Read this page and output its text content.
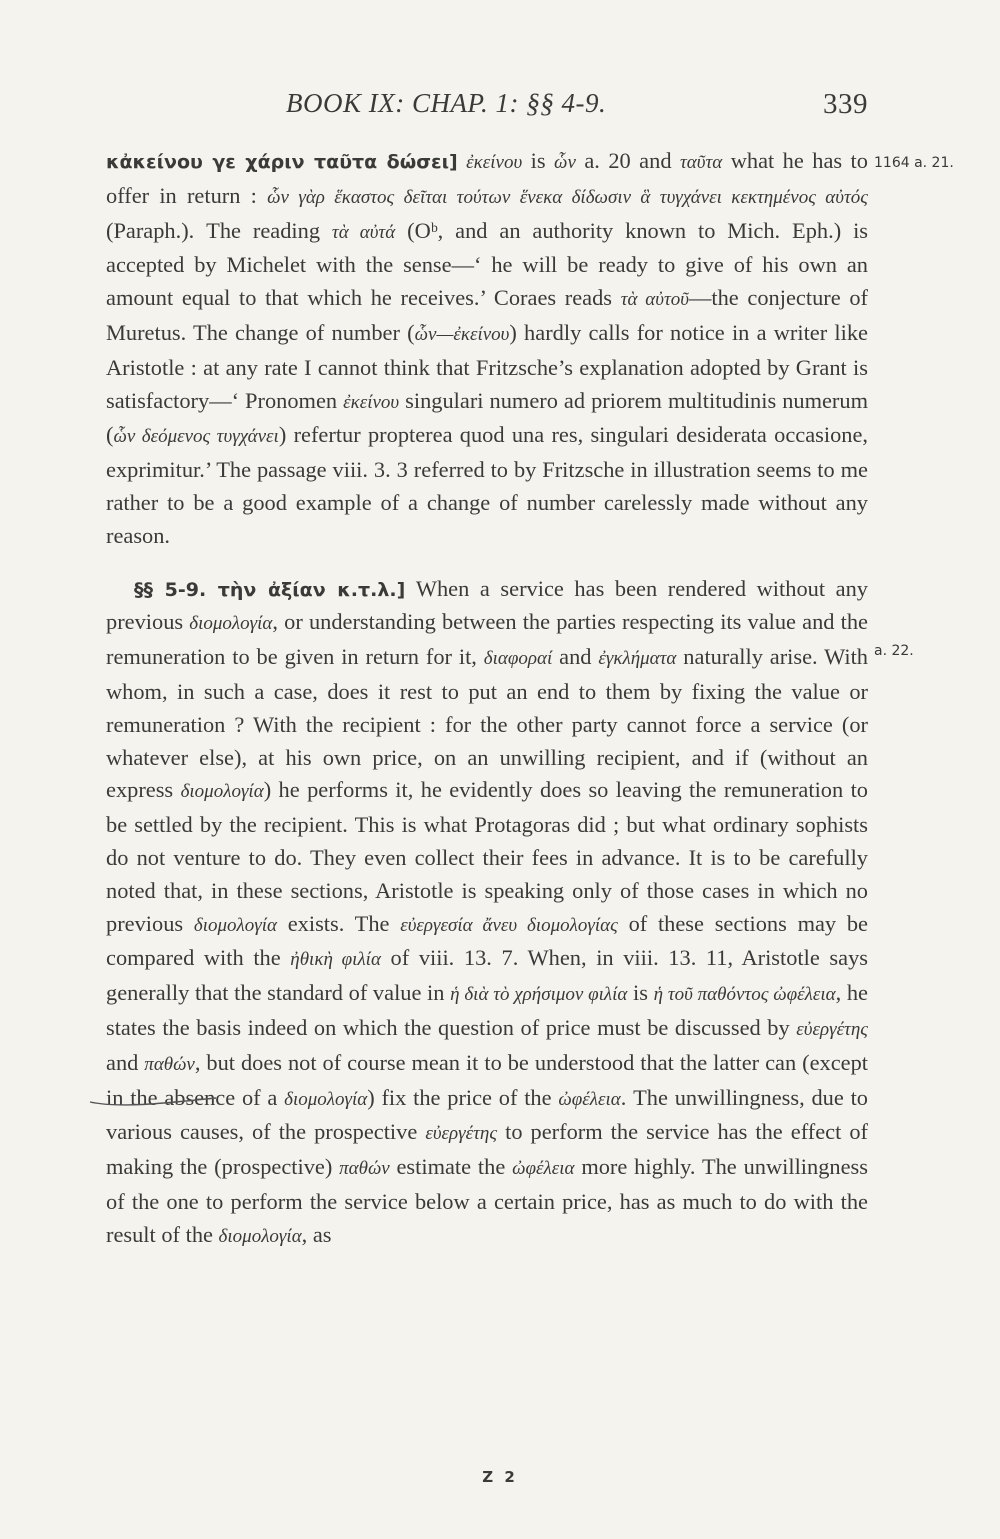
BOOK IX: CHAP. 1: §§ 4-9.	339
1164 a. 21.
a. 22.

κἀκείνου γε χάριν ταῦτα δώσει] ἐκείνου is ὧν a. 20 and ταῦτα what he has to offer in return : ὧν γὰρ ἕκαστος δεῖται τούτων ἕνεκα δίδωσιν ἃ τυγχάνει κεκτημένος αὐτός (Paraph.). The reading τὰ αὐτά (Oᵇ, and an authority known to Mich. Eph.) is accepted by Michelet with the sense—‘ he will be ready to give of his own an amount equal to that which he receives.’ Coraes reads τὰ αὐτοῦ—the conjecture of Muretus. The change of number (ὧν—ἐκείνου) hardly calls for notice in a writer like Aristotle : at any rate I cannot think that Fritzsche’s explanation adopted by Grant is satisfactory—‘ Pronomen ἐκείνου singulari numero ad priorem multitudinis numerum (ὧν δεόμενος τυγχάνει) refertur propterea quod una res, singulari desiderata occasione, exprimitur.’ The passage viii. 3. 3 referred to by Fritzsche in illustration seems to me rather to be a good example of a change of number carelessly made without any reason.

§§ 5-9. τὴν ἀξίαν κ.τ.λ.] When a service has been rendered without any previous διομολογία, or understanding between the parties respecting its value and the remuneration to be given in return for it, διαφοραί and ἐγκλήματα naturally arise. With whom, in such a case, does it rest to put an end to them by fixing the value or remuneration ? With the recipient : for the other party cannot force a service (or whatever else), at his own price, on an unwilling recipient, and if (without an express διομολογία) he performs it, he evidently does so leaving the remuneration to be settled by the recipient. This is what Protagoras did ; but what ordinary sophists do not venture to do. They even collect their fees in advance. It is to be carefully noted that, in these sections, Aristotle is speaking only of those cases in which no previous διομολογία exists. The εὐεργεσία ἄνευ διομολογίας of these sections may be compared with the ἠθικὴ φιλία of viii. 13. 7. When, in viii. 13. 11, Aristotle says generally that the standard of value in ἡ διὰ τὸ χρήσιμον φιλία is ἡ τοῦ παθόντος ὠφέλεια, he states the basis indeed on which the question of price must be discussed by εὐεργέτης and παθών, but does not of course mean it to be understood that the latter can (except in the absence of a διομολογία) fix the price of the ὠφέλεια. The unwillingness, due to various causes, of the prospective εὐεργέτης to perform the service has the effect of making the (prospective) παθών estimate the ὠφέλεια more highly. The unwillingness of the one to perform the service below a certain price, has as much to do with the result of the διομολογία, as

Z 2
